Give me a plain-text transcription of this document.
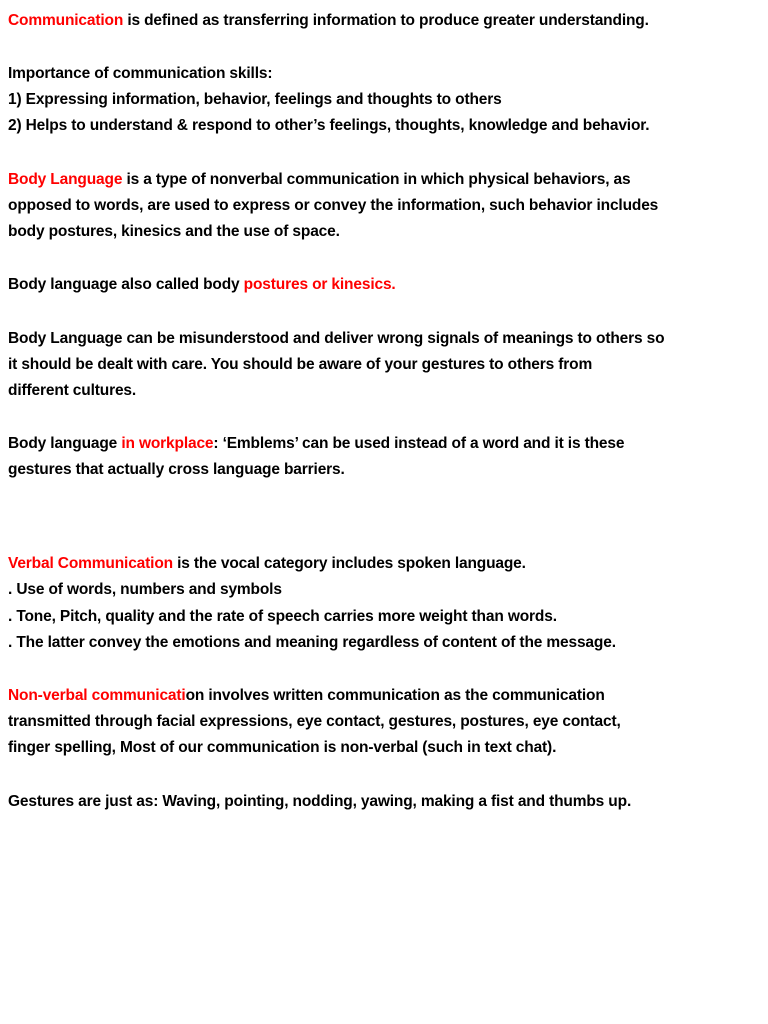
Communication is defined as transferring information to produce greater understanding.
Importance of communication skills:
1) Expressing information, behavior, feelings and thoughts to others
2) Helps to understand & respond to other’s feelings, thoughts, knowledge and behavior.
Body Language is a type of nonverbal communication in which physical behaviors, as
opposed to words, are used to express or convey the information, such behavior includes
body postures, kinesics and the use of space.
Body language also called body postures or kinesics.
Body Language can be misunderstood and deliver wrong signals of meanings to others so
it should be dealt with care. You should be aware of your gestures to others from
different cultures.
Body language in workplace: ‘Emblems’ can be used instead of a word and it is these
gestures that actually cross language barriers.
Verbal Communication is the vocal category includes spoken language.
. Use of words, numbers and symbols
. Tone, Pitch, quality and the rate of speech carries more weight than words.
. The latter convey the emotions and meaning regardless of content of the message.
Non-verbal communication involves written communication as the communication
transmitted through facial expressions, eye contact, gestures, postures, eye contact,
finger spelling, Most of our communication is non-verbal (such in text chat).
Gestures are just as: Waving, pointing, nodding, yawing, making a fist and thumbs up.
